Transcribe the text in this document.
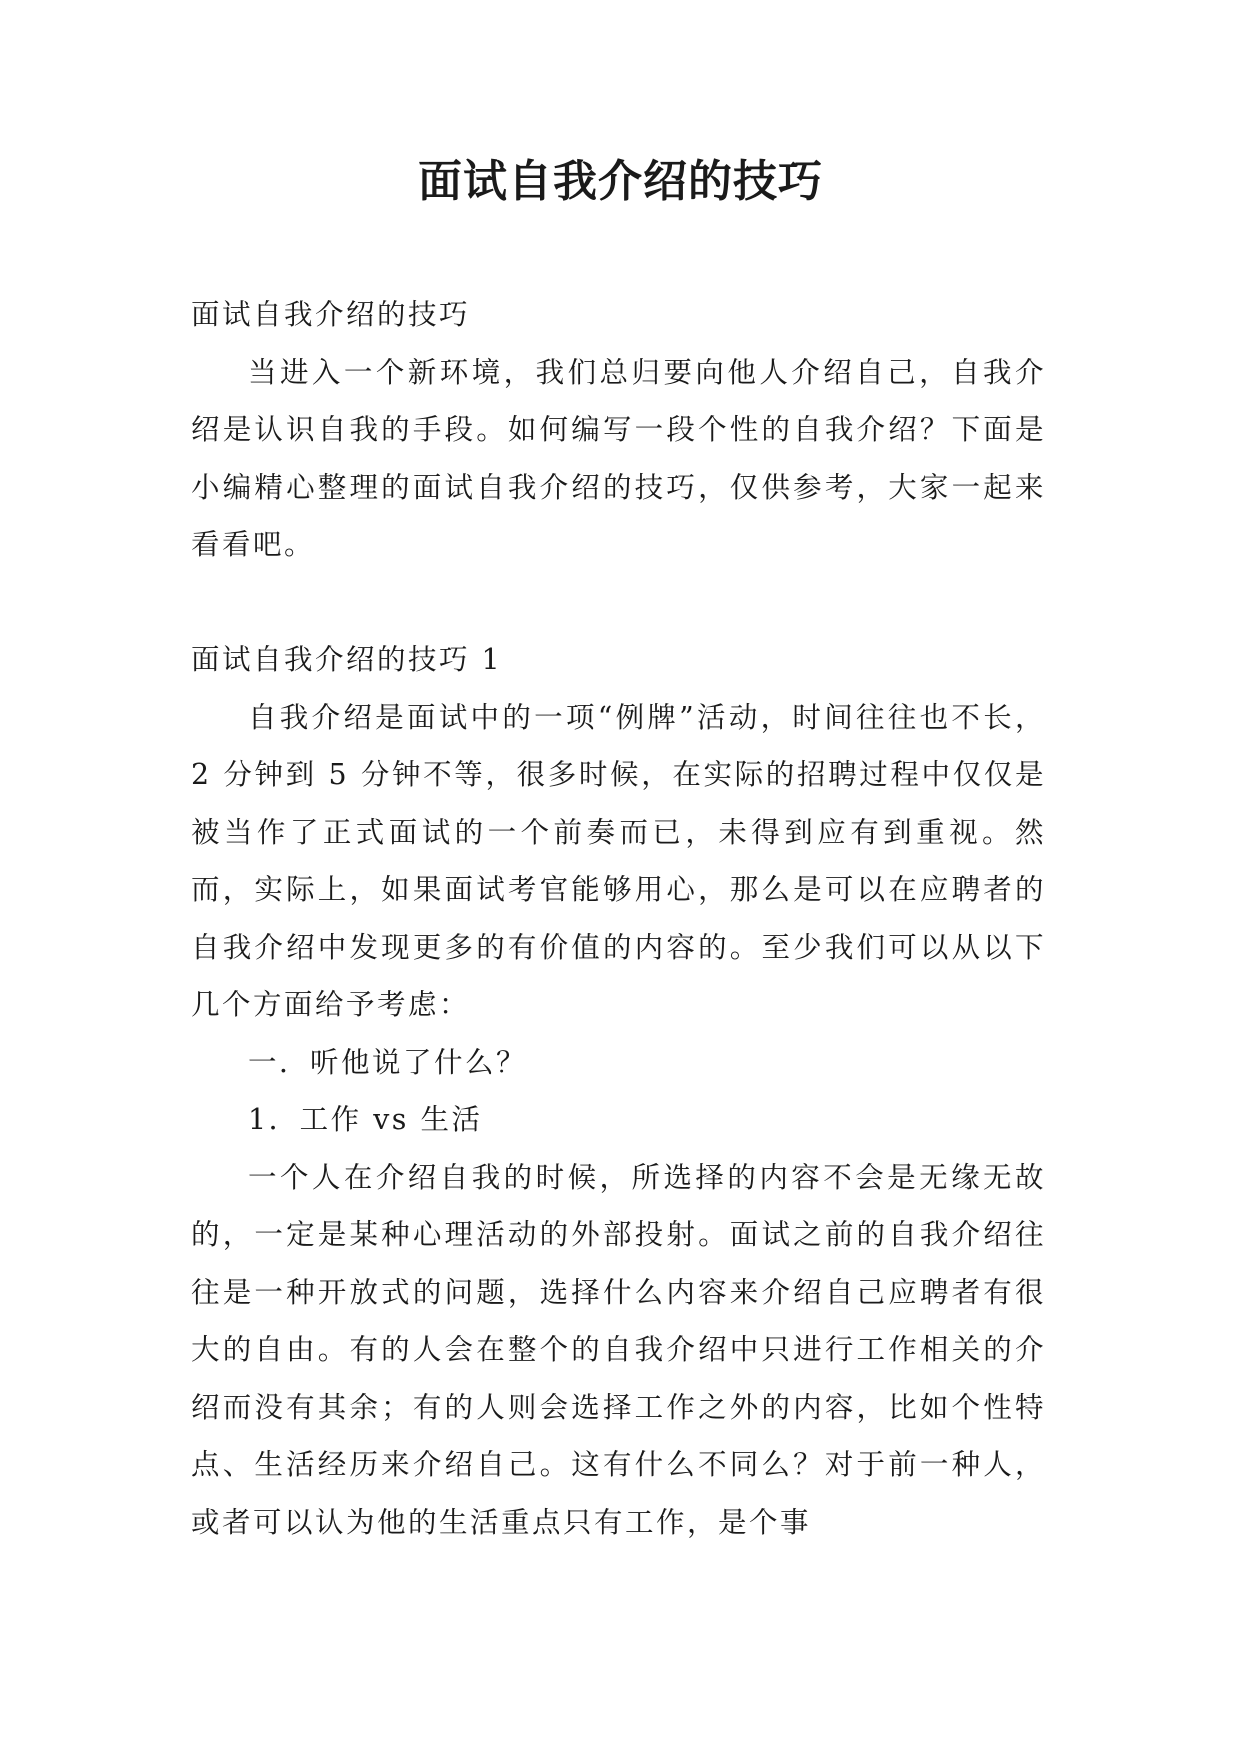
面试自我介绍的技巧

面试自我介绍的技巧

当进入一个新环境，我们总归要向他人介绍自己，自我介绍是认识自我的手段。如何编写一段个性的自我介绍？下面是小编精心整理的面试自我介绍的技巧，仅供参考，大家一起来看看吧。

面试自我介绍的技巧 1

自我介绍是面试中的一项“例牌”活动，时间往往也不长，2 分钟到 5 分钟不等，很多时候，在实际的招聘过程中仅仅是被当作了正式面试的一个前奏而已，未得到应有到重视。然而，实际上，如果面试考官能够用心，那么是可以在应聘者的自我介绍中发现更多的有价值的内容的。至少我们可以从以下几个方面给予考虑：

一．听他说了什么？

1．工作 vs 生活

一个人在介绍自我的时候，所选择的内容不会是无缘无故的，一定是某种心理活动的外部投射。面试之前的自我介绍往往是一种开放式的问题，选择什么内容来介绍自己应聘者有很大的自由。有的人会在整个的自我介绍中只进行工作相关的介绍而没有其余；有的人则会选择工作之外的内容，比如个性特点、生活经历来介绍自己。这有什么不同么？对于前一种人，或者可以认为他的生活重点只有工作，是个事
